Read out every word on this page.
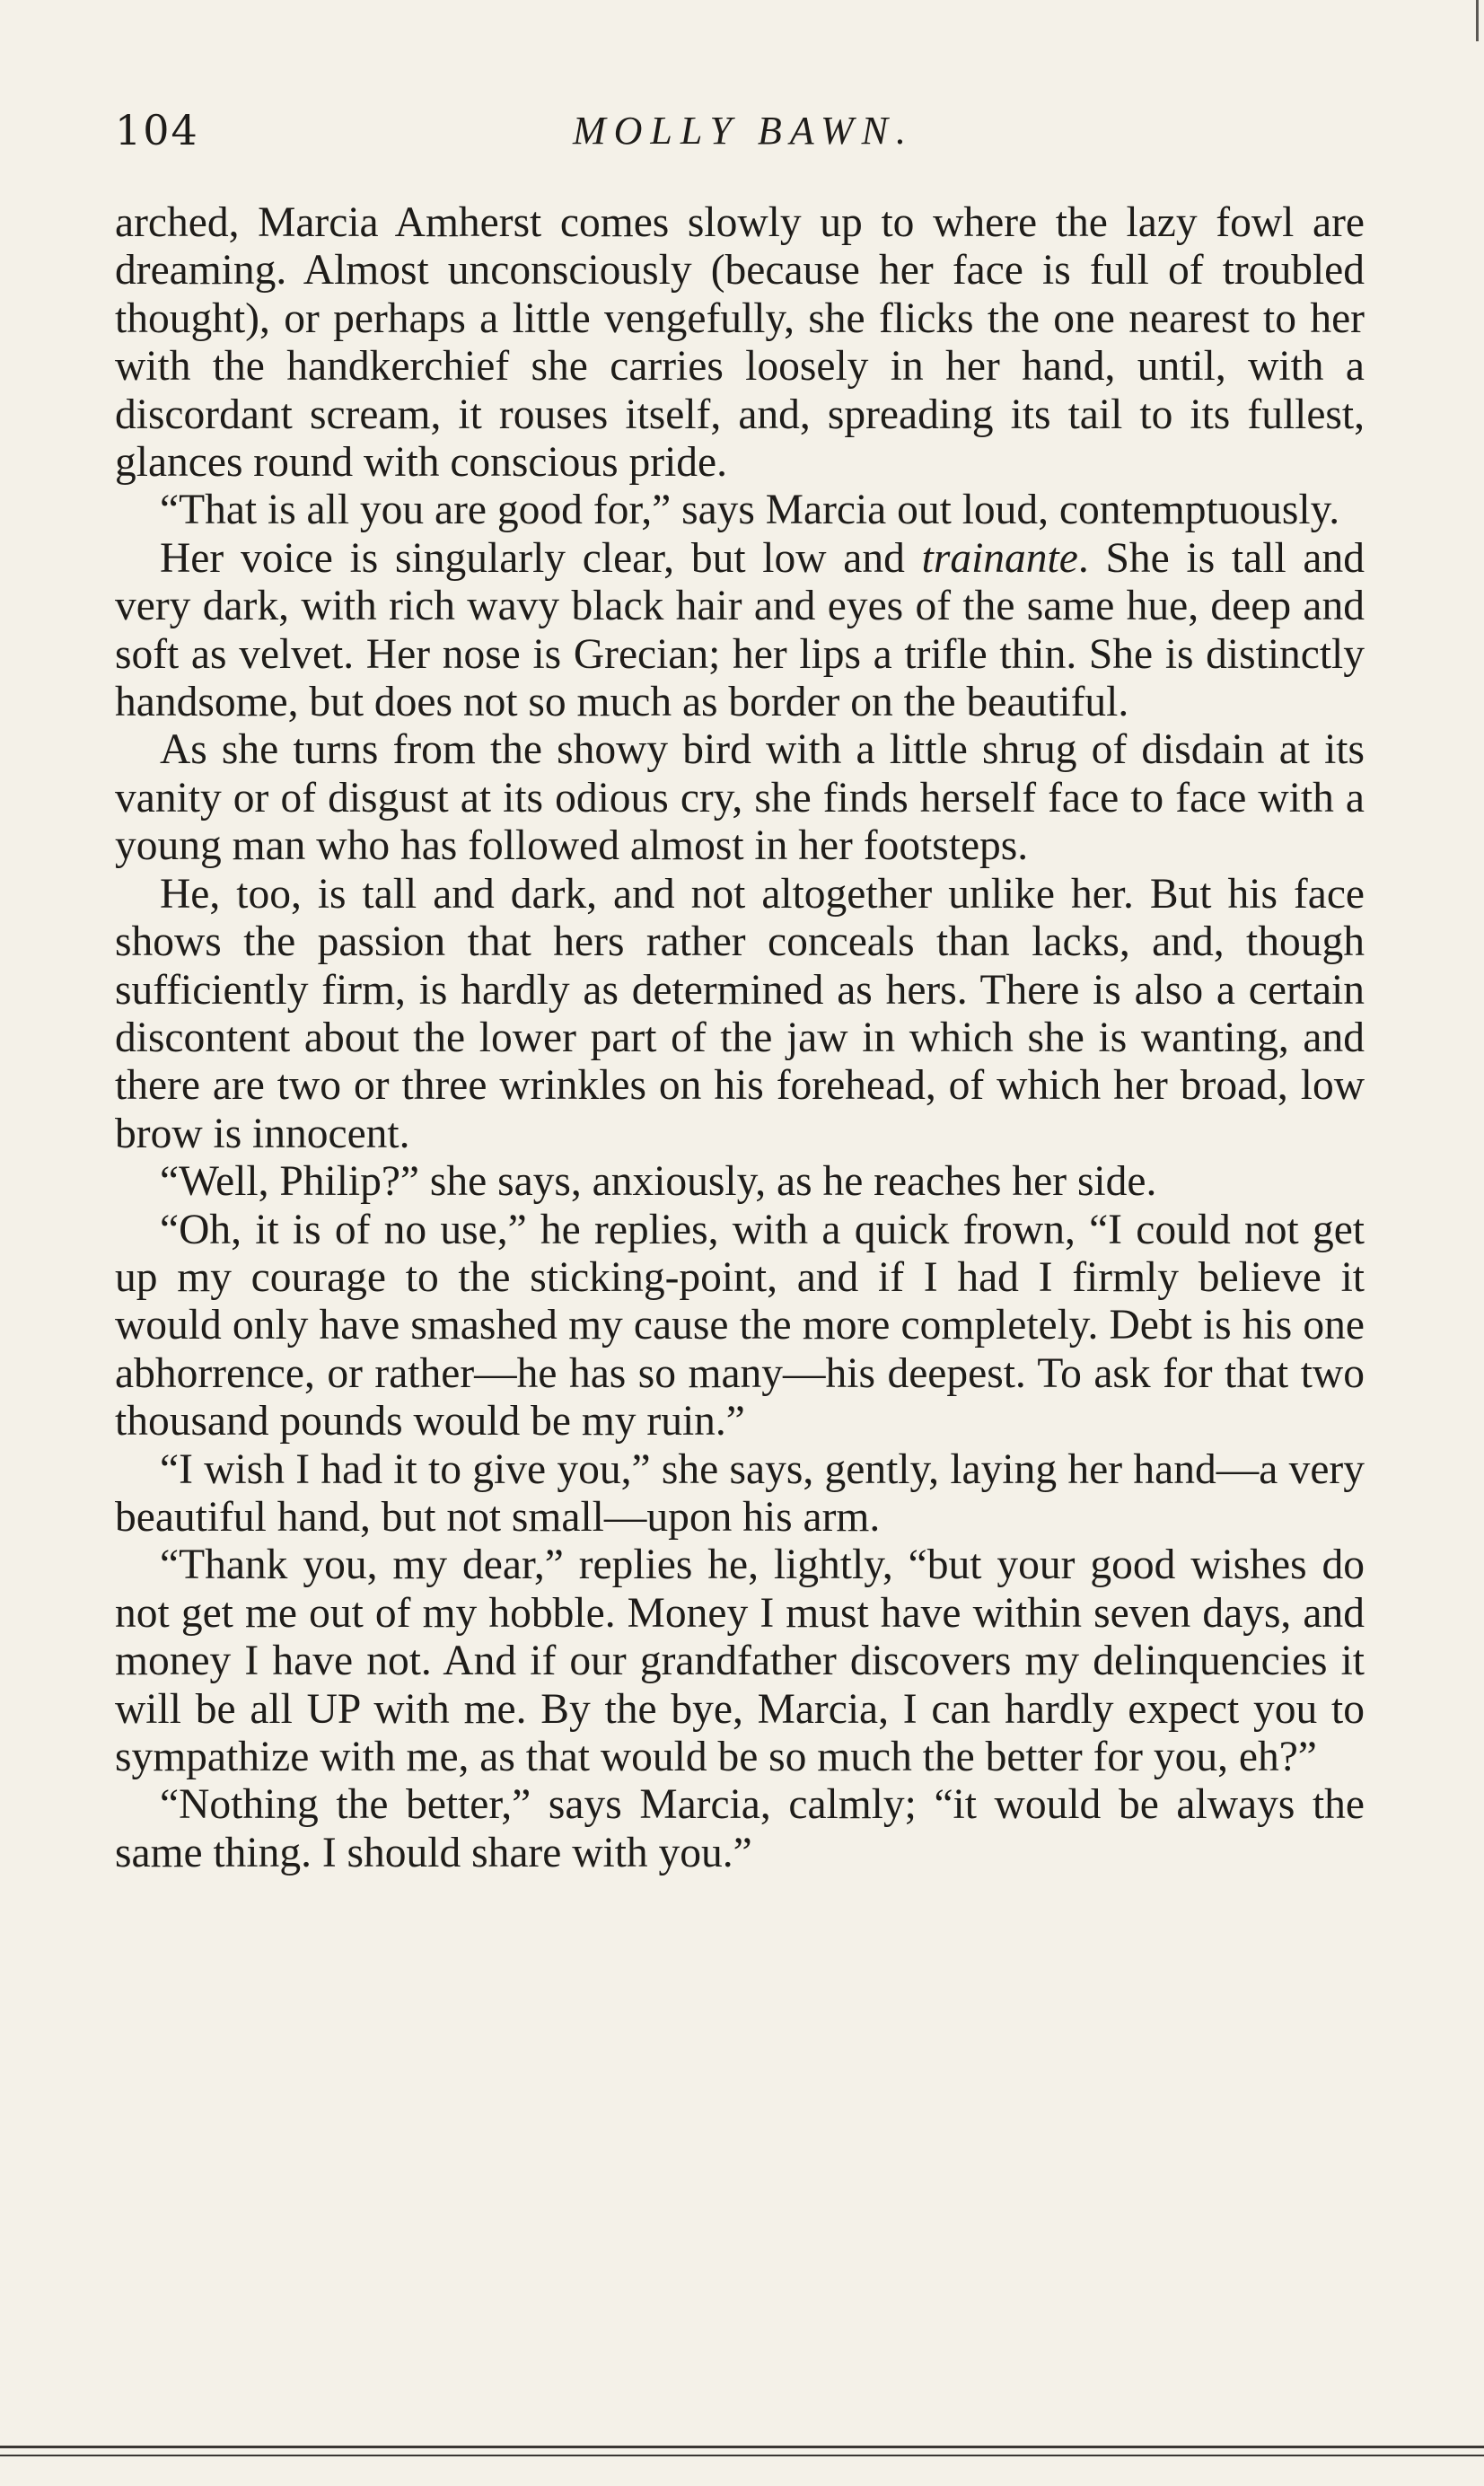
104	MOLLY BAWN.

arched, Marcia Amherst comes slowly up to where the lazy fowl are dreaming. Almost unconsciously (because her face is full of troubled thought), or perhaps a little vengefully, she flicks the one nearest to her with the handkerchief she carries loosely in her hand, until, with a discordant scream, it rouses itself, and, spreading its tail to its fullest, glances round with conscious pride.

“That is all you are good for,” says Marcia out loud, contemptuously.

Her voice is singularly clear, but low and trainante. She is tall and very dark, with rich wavy black hair and eyes of the same hue, deep and soft as velvet. Her nose is Grecian; her lips a trifle thin. She is distinctly handsome, but does not so much as border on the beautiful.

As she turns from the showy bird with a little shrug of disdain at its vanity or of disgust at its odious cry, she finds herself face to face with a young man who has followed almost in her footsteps.

He, too, is tall and dark, and not altogether unlike her. But his face shows the passion that hers rather conceals than lacks, and, though sufficiently firm, is hardly as determined as hers. There is also a certain discontent about the lower part of the jaw in which she is wanting, and there are two or three wrinkles on his forehead, of which her broad, low brow is innocent.

“Well, Philip?” she says, anxiously, as he reaches her side.

“Oh, it is of no use,” he replies, with a quick frown, “I could not get up my courage to the sticking-point, and if I had I firmly believe it would only have smashed my cause the more completely. Debt is his one abhorrence, or rather—he has so many—his deepest. To ask for that two thousand pounds would be my ruin.”

“I wish I had it to give you,” she says, gently, laying her hand—a very beautiful hand, but not small—upon his arm.

“Thank you, my dear,” replies he, lightly, “but your good wishes do not get me out of my hobble. Money I must have within seven days, and money I have not. And if our grandfather discovers my delinquencies it will be all UP with me. By the bye, Marcia, I can hardly expect you to sympathize with me, as that would be so much the better for you, eh?”

“Nothing the better,” says Marcia, calmly; “it would be always the same thing. I should share with you.”
